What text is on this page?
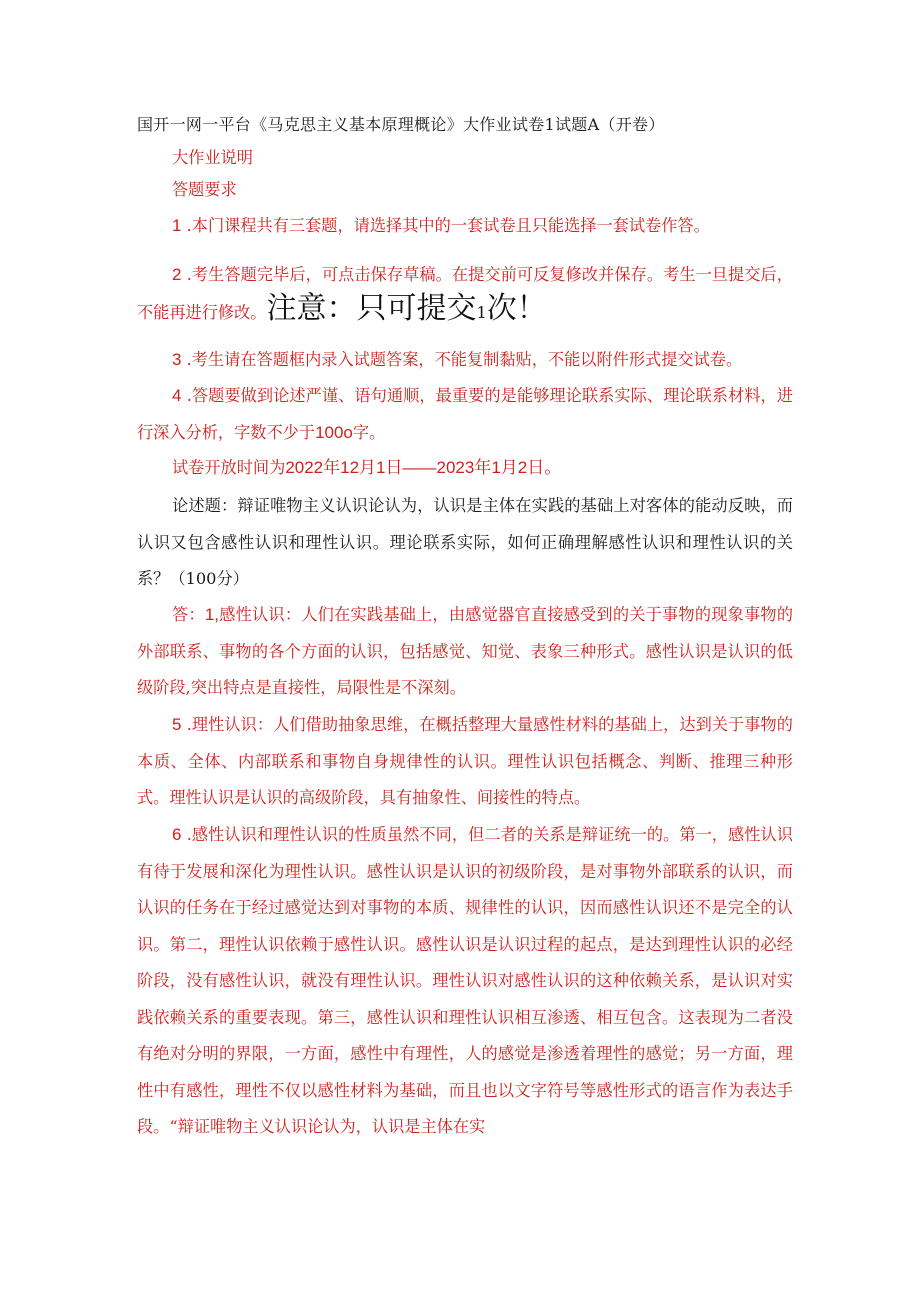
国开一网一平台《马克思主义基本原理概论》大作业试卷1试题A（开卷）

大作业说明

答题要求

1 .本门课程共有三套题，请选择其中的一套试卷且只能选择一套试卷作答。

2 .考生答题完毕后，可点击保存草稿。在提交前可反复修改并保存。考生一旦提交后，不能再进行修改。注意：只可提交1次！

3 .考生请在答题框内录入试题答案，不能复制黏贴，不能以附件形式提交试卷。

4 .答题要做到论述严谨、语句通顺，最重要的是能够理论联系实际、理论联系材料，进行深入分析，字数不少于100o字。

试卷开放时间为2022年12月1日——2023年1月2日。

论述题：辩证唯物主义认识论认为，认识是主体在实践的基础上对客体的能动反映，而认识又包含感性认识和理性认识。理论联系实际，如何正确理解感性认识和理性认识的关系？（100分）

答：1,感性认识：人们在实践基础上，由感觉器官直接感受到的关于事物的现象事物的外部联系、事物的各个方面的认识，包括感觉、知觉、表象三种形式。感性认识是认识的低级阶段,突出特点是直接性，局限性是不深刻。

5 .理性认识：人们借助抽象思维，在概括整理大量感性材料的基础上，达到关于事物的本质、全体、内部联系和事物自身规律性的认识。理性认识包括概念、判断、推理三种形式。理性认识是认识的高级阶段，具有抽象性、间接性的特点。

6 .感性认识和理性认识的性质虽然不同，但二者的关系是辩证统一的。第一，感性认识有待于发展和深化为理性认识。感性认识是认识的初级阶段，是对事物外部联系的认识，而认识的任务在于经过感觉达到对事物的本质、规律性的认识，因而感性认识还不是完全的认识。第二，理性认识依赖于感性认识。感性认识是认识过程的起点，是达到理性认识的必经阶段，没有感性认识，就没有理性认识。理性认识对感性认识的这种依赖关系，是认识对实践依赖关系的重要表现。第三，感性认识和理性认识相互渗透、相互包含。这表现为二者没有绝对分明的界限，一方面，感性中有理性，人的感觉是渗透着理性的感觉；另一方面，理性中有感性，理性不仅以感性材料为基础，而且也以文字符号等感性形式的语言作为表达手段。“辩证唯物主义认识论认为，认识是主体在实
